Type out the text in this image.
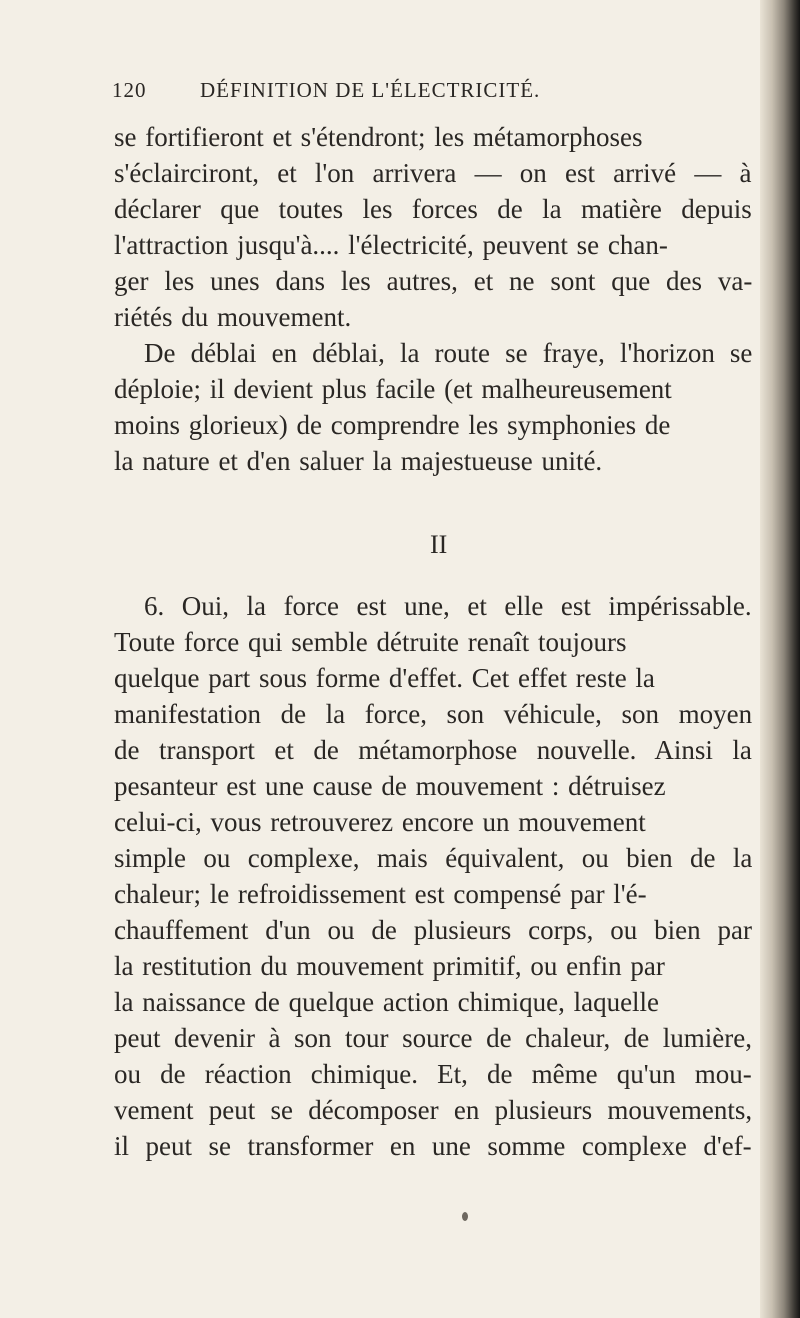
120

	DÉFINITION DE L'ÉLECTRICITÉ.

se fortifieront et s'étendront; les métamorphoses
s'éclairciront, et l'on arrivera — on est arrivé — à
déclarer que toutes les forces de la matière depuis
l'attraction jusqu'à.... l'électricité, peuvent se chan-
ger les unes dans les autres, et ne sont que des va-
riétés du mouvement.
De déblai en déblai, la route se fraye, l'horizon se
déploie; il devient plus facile (et malheureusement
moins glorieux) de comprendre les symphonies de
la nature et d'en saluer la majestueuse unité.
II
6. Oui, la force est une, et elle est impérissable.
Toute force qui semble détruite renaît toujours
quelque part sous forme d'effet. Cet effet reste la
manifestation de la force, son véhicule, son moyen
de transport et de métamorphose nouvelle. Ainsi la
pesanteur est une cause de mouvement : détruisez
celui-ci, vous retrouverez encore un mouvement
simple ou complexe, mais équivalent, ou bien de la
chaleur; le refroidissement est compensé par l'é-
chauffement d'un ou de plusieurs corps, ou bien par
la restitution du mouvement primitif, ou enfin par
la naissance de quelque action chimique, laquelle
peut devenir à son tour source de chaleur, de lumière,
ou de réaction chimique. Et, de même qu'un mou-
vement peut se décomposer en plusieurs mouvements,
il peut se transformer en une somme complexe d'ef-
